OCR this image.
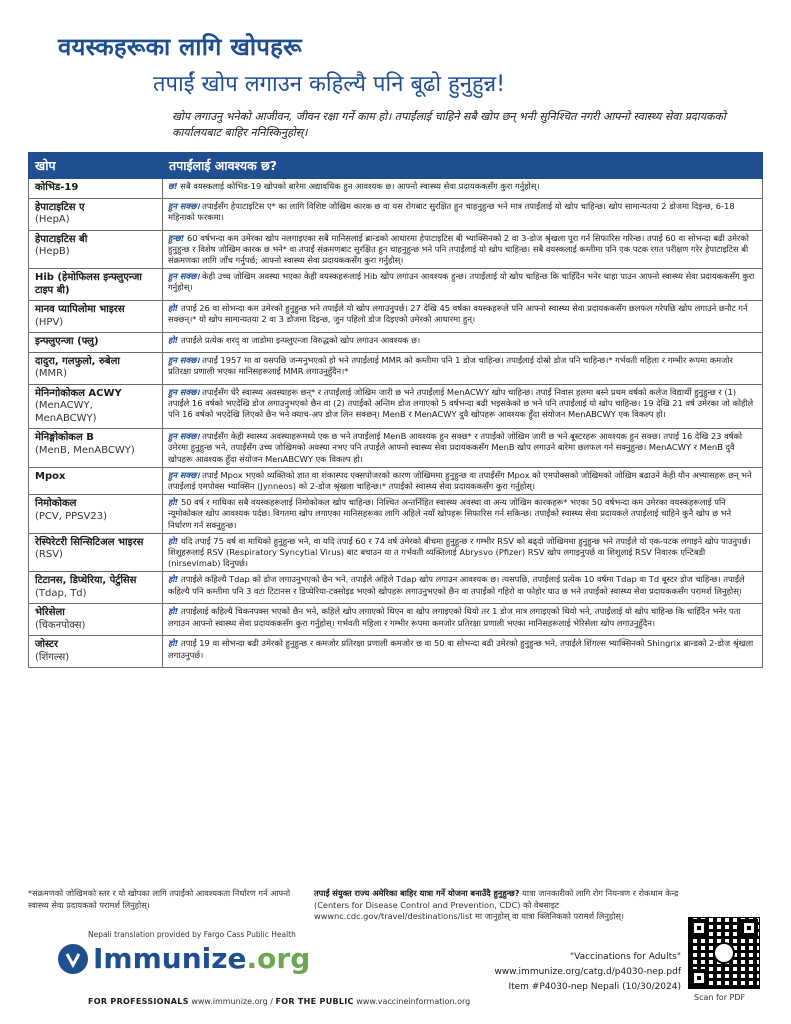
वयस्कहरूका लागि खोपहरू
तपाईं खोप लगाउन कहिल्यै पनि बूढो हुनुहुन्न!
खोप लगाउनु भनेको आजीवन, जीवन रक्षा गर्ने काम हो। तपाईंलाई चाहिने सबै खोप छन् भनी सुनिश्चित नगरी आफ्नो स्वास्थ्य सेवा प्रदायकको कार्यालयबाट बाहिर ननिस्किनुहोस्।
खोप	तपाईंलाई आवश्यक छ?

कोभिड-19	छ! सबै वयस्कलाई कोभिड-19 खोपको बारेमा अद्यावधिक हुन आवश्यक छ। आफ्नो स्वास्थ्य सेवा प्रदायककसँग कुरा गर्नुहोस्।

हेपाटाइटिस ए
(HepA)	हुन सक्छ। तपाईंसँग हेपाटाइटिस ए* का लागि विशिष्ट जोखिम कारक छ वा यस रोगबाट सुरक्षित हुन चाहनुहुन्छ भने मात्र तपाईंलाई यो खोप चाहिन्छ। खोप सामान्यतया 2 डोजमा दिइन्छ, 6-18 महिनाको फरकमा।

हेपाटाइटिस बी
(HepB)	हुन्छ! 60 वर्षभन्दा कम उमेरका खोप नलगाइएका सबै मानिसलाई ब्रान्डको आधारमा हेपाटाइटिस बी भ्याक्सिनको 2 वा 3-डोज श्रृंखला पूरा गर्न सिफारिस गरिन्छ। तपाईं 60 वा सोभन्दा बढी उमेरको हुनुहुन्छ र विशेष जोखिम कारक छ भने* वा तपाईं संक्रमणबाट सुरक्षित हुन चाहनुहुन्छ भने पनि तपाईंलाई यो खोप चाहिन्छ। सबै वयस्कलाई कम्तीमा पनि एक पटक रगत परीक्षण गरेर हेपाटाइटिस बी संक्रमणका लागि जाँच गर्नुपर्छ; आफ्नो स्वास्थ्य सेवा प्रदायककसँग कुरा गर्नुहोस्।

Hib (हेमोफिलस इन्फ्लुएन्जा टाइप बी)	हुन सक्छ। केही उच्च जोखिम अवस्था भएका केही वयस्कहरूलाई Hib खोप लगाउन आवश्यक हुन्छ। तपाईंलाई यो खोप चाहिन्छ कि चाहिँदैन भनेर थाहा पाउन आफ्नो स्वास्थ्य सेवा प्रदायककसँग कुरा गर्नुहोस्।

मानव प्यापिलोमा भाइरस
(HPV)	हो! तपाईं 26 वा सोभन्दा कम उमेरको हुनुहुन्छ भने तपाईंले यो खोप लगाउनुपर्छ। 27 देखि 45 वर्षका वयस्कहरूले पनि आफ्नो स्वास्थ्य सेवा प्रदायककसँग छलफल गरेपछि खोप लगाउने छनौट गर्न सक्छन्।* यो खोप सामान्यतया 2 वा 3 डोजमा दिइन्छ, जुन पहिलो डोज दिइएको उमेरको आधारमा हुन्।

इन्फ्लुएन्जा (फ्लु)	हो! तपाईंले प्रत्येक शरद् वा जाडोमा इन्फ्लुएन्जा विरुद्धको खोप लगाउन आवश्यक छ।

दादुरा, गलफुलो, रुबेला
(MMR)	हुन सक्छ। तपाईं 1957 मा वा यसपछि जन्मनुभएको हो भने तपाईंलाई MMR को कम्तीमा पनि 1 डोज चाहिन्छ। तपाईंलाई दोस्रो डोज पनि चाहिन्छ।* गर्भवती महिला र गम्भीर रूपमा कमजोर प्रतिरक्षा प्रणाली भएका मानिसहरूलाई MMR लगाउनुहुँदैन।*

मेनिन्गोकोकल ACWY
(MenACWY, MenABCWY)	हुन सक्छ। तपाईंसँग धेरै स्वास्थ्य अवस्थाहरू छन्* र तपाईंलाई जोखिम जारी छ भने तपाईंलाई MenACWY खोप चाहिन्छ। तपाईं निवास हलमा बस्ने प्रथम वर्षको कलेज विद्यार्थी हुनुहुन्छ र (1) तपाईंले 16 वर्षको भएदेखि डोज लगाउनुभएको छैन वा (2) तपाईंको अन्तिम डोज लगाएको 5 वर्षभन्दा बढी भइसकेको छ भने पनि तपाईंलाई यो खोप चाहिन्छ। 19 देखि 21 वर्ष उमेरका जो कोहीले पनि 16 वर्षको भएदेखि लिएको छैन भने क्याच-अप डोज लिन सक्छन्। MenB र MenACWY दुवै खोपहरू आवश्यक हुँदा संयोजन MenABCWY एक विकल्प हो।

मेनिङ्गोकोकल B
(MenB, MenABCWY)	हुन सक्छ। तपाईंसँग केही स्वास्थ्य अवस्थाहरूमध्ये एक छ भने तपाईंलाई MenB आवश्यक हुन सक्छ* र तपाईंको जोखिम जारी छ भने बूस्टरहरू आवश्यक हुन सक्छ। तपाईं 16 देखि 23 वर्षको उमेरमा हुनुहुन्छ भने, तपाईंसँग उच्च जोखिमको अवस्था नभए पनि तपाईंले आफ्नो स्वास्थ्य सेवा प्रदायककसँग MenB खोप लगाउने बारेमा छलफल गर्न सक्नुहुन्छ। MenACWY र MenB दुवै खोपहरू आवश्यक हुँदा संयोजन MenABCWY एक विकल्प हो।

Mpox	हुन सक्छ। तपाईं Mpox भएको व्यक्तिको ज्ञात वा शंकास्पद एक्सपोजरको कारण जोखिममा हुनुहुन्छ वा तपाईंसँग Mpox को एमपोक्सको जोखिमको जोखिम बढाउने केही यौन अभ्यासहरू छन् भने तपाईंलाई एमपोक्स भ्याक्सिन (Jynneos) को 2-डोज श्रृंखला चाहिन्छ।* तपाईंको स्वास्थ्य सेवा प्रदायककसँग कुरा गर्नुहोस्।

निमोकोकल
(PCV, PPSV23)	हो! 50 वर्ष र माथिका सबै वयस्कहरूलाई निमोकोकल खोप चाहिन्छ। निश्चित अन्तर्निहित स्वास्थ्य अवस्था वा अन्य जोखिम कारकहरू* भएका 50 वर्षभन्दा कम उमेरका वयस्कहरूलाई पनि न्यूमोकोकल खोप आवश्यक पर्दछ। विगतमा खोप लगाएका मानिसहरूका लागि अहिले नयाँ खोपहरू सिफारिस गर्न सकिन्छ। तपाईंको स्वास्थ्य सेवा प्रदायकले तपाईंलाई चाहिने कुनै खोप छ भने निर्धारण गर्न सक्नुहुन्छ।

रेस्पिरेटरी सिन्सिटिअल भाइरस
(RSV)	हो! यदि तपाईं 75 वर्ष वा माथिको हुनुहुन्छ भने, वा यदि तपाईं 60 र 74 वर्ष उमेरको बीचमा हुनुहुन्छ र गम्भीर RSV को बढ्दो जोखिममा हुनुहुन्छ भने तपाईंले यो एक-पटक लगाइने खोप पाउनुपर्छ। शिशुहरूलाई RSV (Respiratory Syncytial Virus) बाट बचाउन या त गर्भवती व्यक्तिलाई Abrysvo (Pfizer) RSV खोप लगाइनुपर्छ वा शिशुलाई RSV निवारक एन्टिबडी (nirsevimab) दिनुपर्छ।

टिटानस, डिप्थेरिया, पेर्टुसिस
(Tdap, Td)	हो! तपाईंले कहिल्यै Tdap को डोज लगाउनुभएको छैन भने, तपाईंले अहिले Tdap खोप लगाउन आवश्यक छ। त्यसपछि, तपाईंलाई प्रत्येक 10 वर्षमा Tdap वा Td बूस्टर डोज चाहिन्छ। तपाईंले कहिल्यै पनि कम्तीमा पनि 3 वटा टिटानस र डिप्थेरिया-टक्सोइड भएको खोपहरू लगाउनुभएको छैन वा तपाईंको गहिरो वा फोहोर घाउ छ भने तपाईंको स्वास्थ्य सेवा प्रदायककसँग परामर्श लिनुहोस्।

भेरिसेला
(चिकनपोक्स)	हो! तपाईंलाई कहिल्यै चिकनपक्स भएको छैन भने, कहिले खोप लगाएको थिएन वा खोप लगाइएको थियो तर 1 डोज मात्र लगाइएको थियो भने, तपाईंलाई यो खोप चाहिन्छ कि चाहिँदैन भनेर पता लगाउन आफ्नो स्वास्थ्य सेवा प्रदायककसँग कुरा गर्नुहोस्। गर्भवती महिला र गम्भीर रूपमा कमजोर प्रतिरक्षा प्रणाली भएका मानिसहरूलाई भेरिसेला खोप लगाउनुहुँदैन।

जोस्टर
(शिंगल्स)	हो! तपाईं 19 वा सोभन्दा बढी उमेरको हुनुहुन्छ र कमजोर प्रतिरक्षा प्रणाली कमजोर छ वा 50 वा सोभन्दा बढी उमेरको हुनुहुन्छ भने, तपाईंले शिंगल्स भ्याक्सिनको Shingrix ब्रान्डको 2-डोज श्रृंखला लगाउनुपर्छ।
*संक्रमणको जोखिमको स्तर र यो खोपका लागि तपाईंको आवश्यकता निर्धारण गर्न आफ्नो स्वास्थ्य सेवा प्रदायकको परामर्श लिनुहोस्।
तपाईं संयुक्त राज्य अमेरिका बाहिर यात्रा गर्ने योजना बनाउँदै हुनुहुन्छ? यात्रा जानकारीको लागि रोग नियन्त्रण र रोकथाम केन्द्र (Centers for Disease Control and Prevention, CDC) को वेबसाइट wwwnc.cdc.gov/travel/destinations/list मा जानुहोस् वा यात्रा क्लिनिकको परामर्श लिनुहोस्।
Nepali translation provided by Fargo Cass Public Health
Immunize.org
FOR PROFESSIONALS www.immunize.org / FOR THE PUBLIC www.vaccineinformation.org
"Vaccinations for Adults"
www.immunize.org/catg.d/p4030-nep.pdf
Item #P4030-nep Nepali (10/30/2024)
Scan for PDF
